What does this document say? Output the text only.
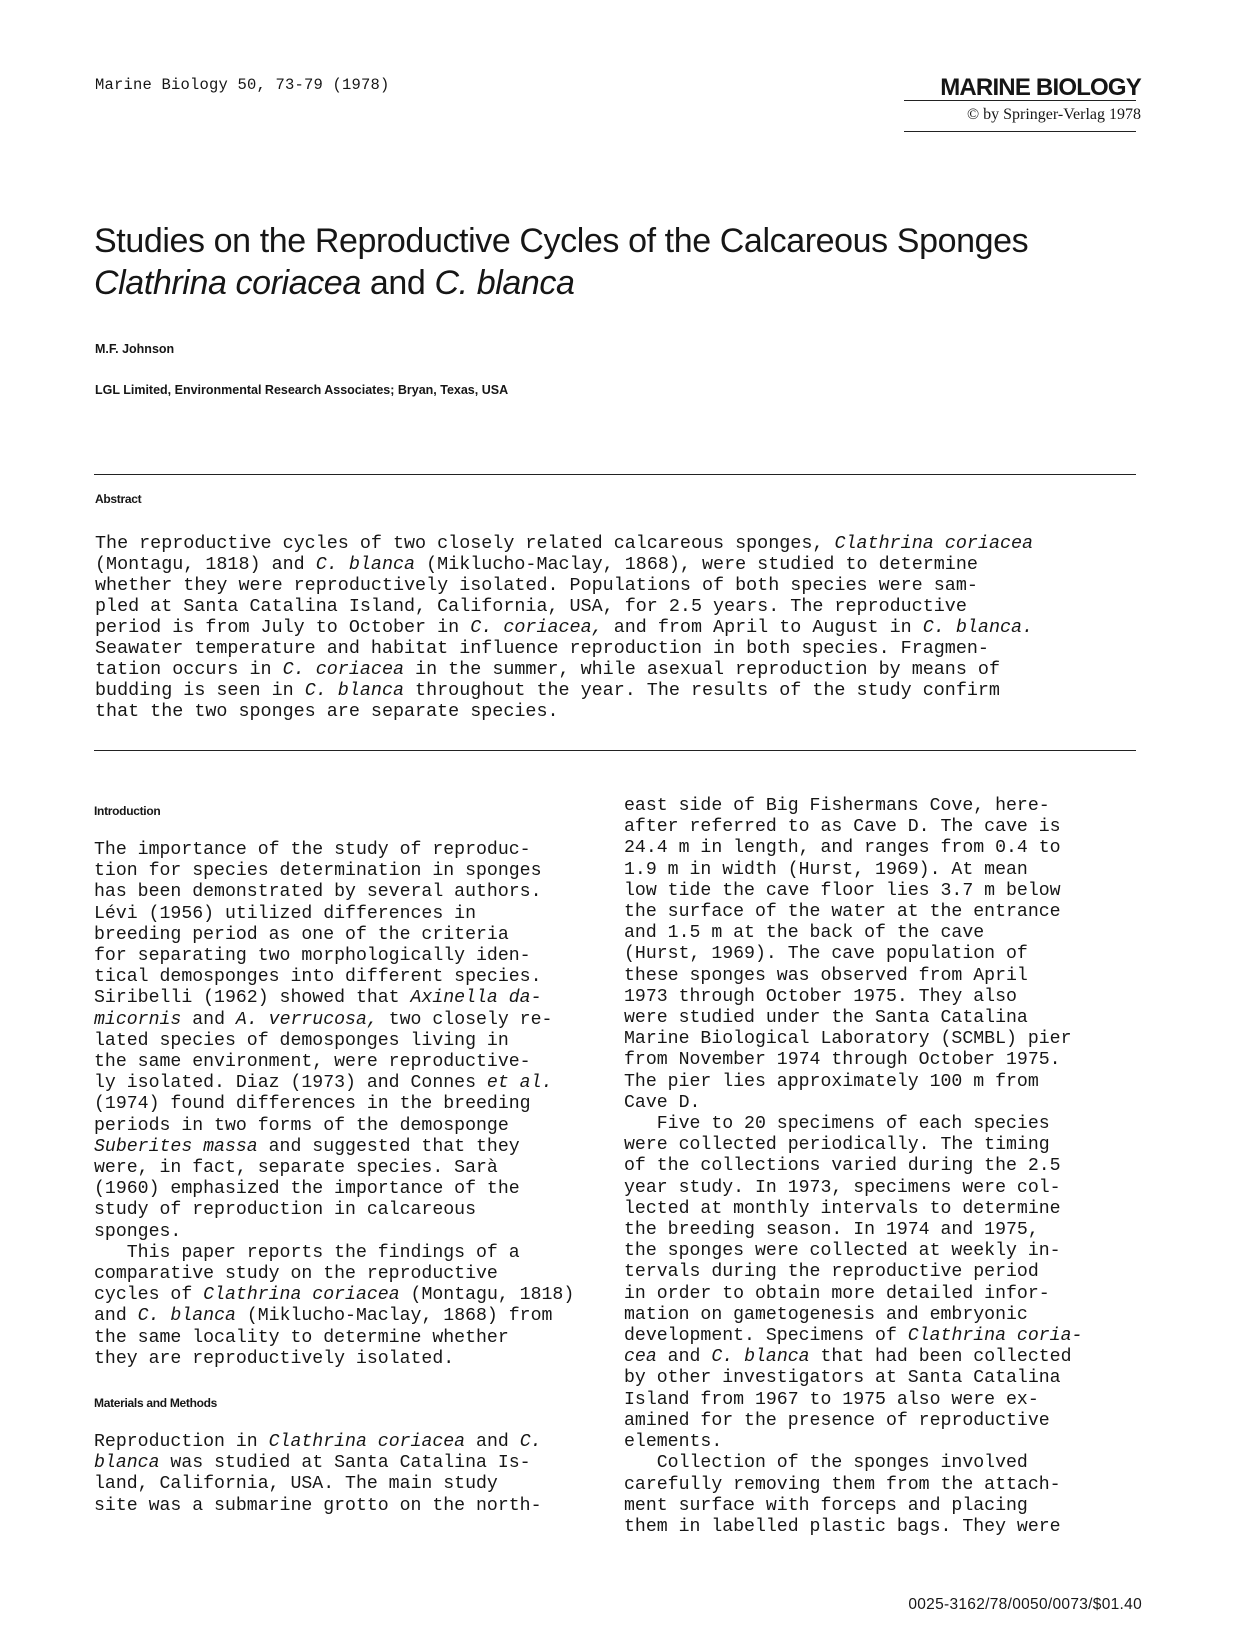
Marine Biology 50, 73-79 (1978)	MARINE BIOLOGY
© by Springer-Verlag 1978
Studies on the Reproductive Cycles of the Calcareous Sponges
Clathrina coriacea and C. blanca
M.F. Johnson
LGL Limited, Environmental Research Associates; Bryan, Texas, USA
Abstract
The reproductive cycles of two closely related calcareous sponges, Clathrina coriacea
(Montagu, 1818) and C. blanca (Miklucho-Maclay, 1868), were studied to determine
whether they were reproductively isolated. Populations of both species were sam-
pled at Santa Catalina Island, California, USA, for 2.5 years. The reproductive
period is from July to October in C. coriacea, and from April to August in C. blanca.
Seawater temperature and habitat influence reproduction in both species. Fragmen-
tation occurs in C. coriacea in the summer, while asexual reproduction by means of
budding is seen in C. blanca throughout the year. The results of the study confirm
that the two sponges are separate species.
Introduction
The importance of the study of reproduc-
tion for species determination in sponges
has been demonstrated by several authors.
Lévi (1956) utilized differences in
breeding period as one of the criteria
for separating two morphologically iden-
tical demosponges into different species.
Siribelli (1962) showed that Axinella da-
micornis and A. verrucosa, two closely re-
lated species of demosponges living in
the same environment, were reproductive-
ly isolated. Diaz (1973) and Connes et al.
(1974) found differences in the breeding
periods in two forms of the demosponge
Suberites massa and suggested that they
were, in fact, separate species. Sarà
(1960) emphasized the importance of the
study of reproduction in calcareous
sponges.
This paper reports the findings of a
comparative study on the reproductive
cycles of Clathrina coriacea (Montagu, 1818)
and C. blanca (Miklucho-Maclay, 1868) from
the same locality to determine whether
they are reproductively isolated.
Materials and Methods
Reproduction in Clathrina coriacea and C.
blanca was studied at Santa Catalina Is-
land, California, USA. The main study
site was a submarine grotto on the north-
east side of Big Fishermans Cove, here-
after referred to as Cave D. The cave is
24.4 m in length, and ranges from 0.4 to
1.9 m in width (Hurst, 1969). At mean
low tide the cave floor lies 3.7 m below
the surface of the water at the entrance
and 1.5 m at the back of the cave
(Hurst, 1969). The cave population of
these sponges was observed from April
1973 through October 1975. They also
were studied under the Santa Catalina
Marine Biological Laboratory (SCMBL) pier
from November 1974 through October 1975.
The pier lies approximately 100 m from
Cave D.
Five to 20 specimens of each species
were collected periodically. The timing
of the collections varied during the 2.5
year study. In 1973, specimens were col-
lected at monthly intervals to determine
the breeding season. In 1974 and 1975,
the sponges were collected at weekly in-
tervals during the reproductive period
in order to obtain more detailed infor-
mation on gametogenesis and embryonic
development. Specimens of Clathrina coria-
cea and C. blanca that had been collected
by other investigators at Santa Catalina
Island from 1967 to 1975 also were ex-
amined for the presence of reproductive
elements.
Collection of the sponges involved
carefully removing them from the attach-
ment surface with forceps and placing
them in labelled plastic bags. They were
0025-3162/78/0050/0073/$01.40
